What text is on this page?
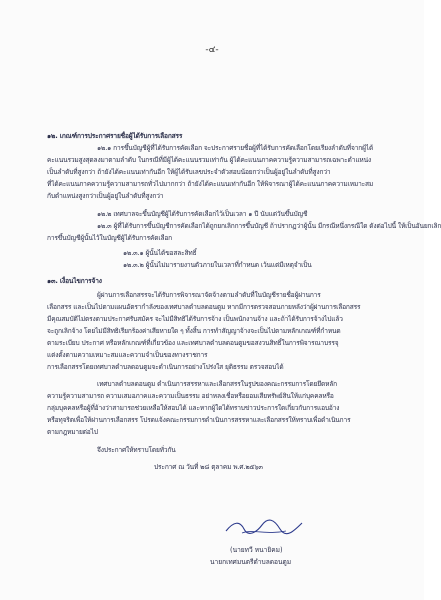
-๔-
๑๒. เกณฑ์การประกาศรายชื่อผู้ได้รับการเลือกสรร
๑๒.๑ การขึ้นบัญชีผู้ที่ได้รับการคัดเลือก จะประกาศรายชื่อผู้ที่ได้รับการคัดเลือกโดยเรียงลำดับที่จากผู้ได้
คะแนนรวมสูงสุดลงมาตามลำดับ ในกรณีที่มีผู้ได้คะแนนรวมเท่ากัน ผู้ได้คะแนนภาคความรู้ความสามารถเฉพาะตำแหน่ง
เป็นลำดับที่สูงกว่า ถ้ายังได้คะแนนเท่ากันอีก ให้ผู้ได้รับเลขประจำตัวสอบน้อยกว่าเป็นผู้อยู่ในลำดับที่สูงกว่า
ที่ได้คะแนนภาคความรู้ความสามารถทั่วไปมากกว่า ถ้ายังได้คะแนนเท่ากันอีก ให้พิจารณาผู้ได้คะแนนภาคความเหมาะสม
กับตำแหน่งสูงกว่าเป็นผู้อยู่ในลำดับที่สูงกว่า
๑๒.๒ เทศบาลจะขึ้นบัญชีผู้ได้รับการคัดเลือกไว้เป็นเวลา ๑ ปี นับแต่วันขึ้นบัญชี
๑๒.๓ ผู้ที่ได้รับการขึ้นบัญชีการคัดเลือกได้ถูกยกเลิกการขึ้นบัญชี ถ้าปรากฏว่าผู้นั้น มีกรณีหนึ่งกรณีใด ดังต่อไปนี้ ให้เป็นอันยกเลิก
การขึ้นบัญชีผู้นั้นไว้ในบัญชีผู้ได้รับการคัดเลือก
๑๒.๓.๑ ผู้นั้นได้ขอสละสิทธิ์
๑๒.๓.๒ ผู้นั้นไม่มารายงานตัวภายในเวลาที่กำหนด เว้นแต่มีเหตุจำเป็น
๑๓. เงื่อนไขการจ้าง
ผู้ผ่านการเลือกสรรจะได้รับการพิจารณาจัดจ้างตามลำดับที่ในบัญชีรายชื่อผู้ผ่านการ
เลือกสรร และเป็นไปตามแผนอัตรากำลังของเทศบาลตำบลดอนตูม หากมีการตรวจสอบภายหลังว่าผู้ผ่านการเลือกสรร
มีคุณสมบัติไม่ตรงตามประกาศรับสมัคร จะไม่มีสิทธิได้รับการจ้าง เป็นพนักงานจ้าง และถ้าได้รับการจ้างไปแล้ว
จะถูกเลิกจ้าง โดยไม่มีสิทธิเรียกร้องค่าเสียหายใด ๆ ทั้งสิ้น การทำสัญญาจ้างจะเป็นไปตามหลักเกณฑ์ที่กำหนด
ตามระเบียบ ประกาศ หรือหลักเกณฑ์ที่เกี่ยวข้อง และเทศบาลตำบลดอนตูมขอสงวนสิทธิ์ในการพิจารณาบรรจุ
แต่งตั้งตามความเหมาะสมและความจำเป็นของทางราชการ
การเลือกสรรโดยเทศบาลตำบลดอนตูมจะดำเนินการอย่างโปร่งใส ยุติธรรม ตรวจสอบได้
เทศบาลตำบลดอนตูม ดำเนินการสรรหาและเลือกสรรในรูปของคณะกรรมการโดยยึดหลัก
ความรู้ความสามารถ ความเสมอภาคและความเป็นธรรม อย่าหลงเชื่อหรือยอมเสียทรัพย์สินให้แก่บุคคลหรือ
กลุ่มบุคคลหรือผู้ที่อ้างว่าสามารถช่วยเหลือให้สอบได้ และหากผู้ใดได้ทราบข่าวประการใดเกี่ยวกับการแอบอ้าง
หรือทุจริตเพื่อให้ผ่านการเลือกสรร โปรดแจ้งคณะกรรมการดำเนินการสรรหาและเลือกสรรให้ทราบเพื่อดำเนินการ
ตามกฎหมายต่อไป
จึงประกาศให้ทราบโดยทั่วกัน
ประกาศ ณ วันที่ ๒๘ ตุลาคม พ.ศ.๒๕๖๓
(นายทวี หนายิคม)
นายกเทศมนตรีตำบลดอนตูม
